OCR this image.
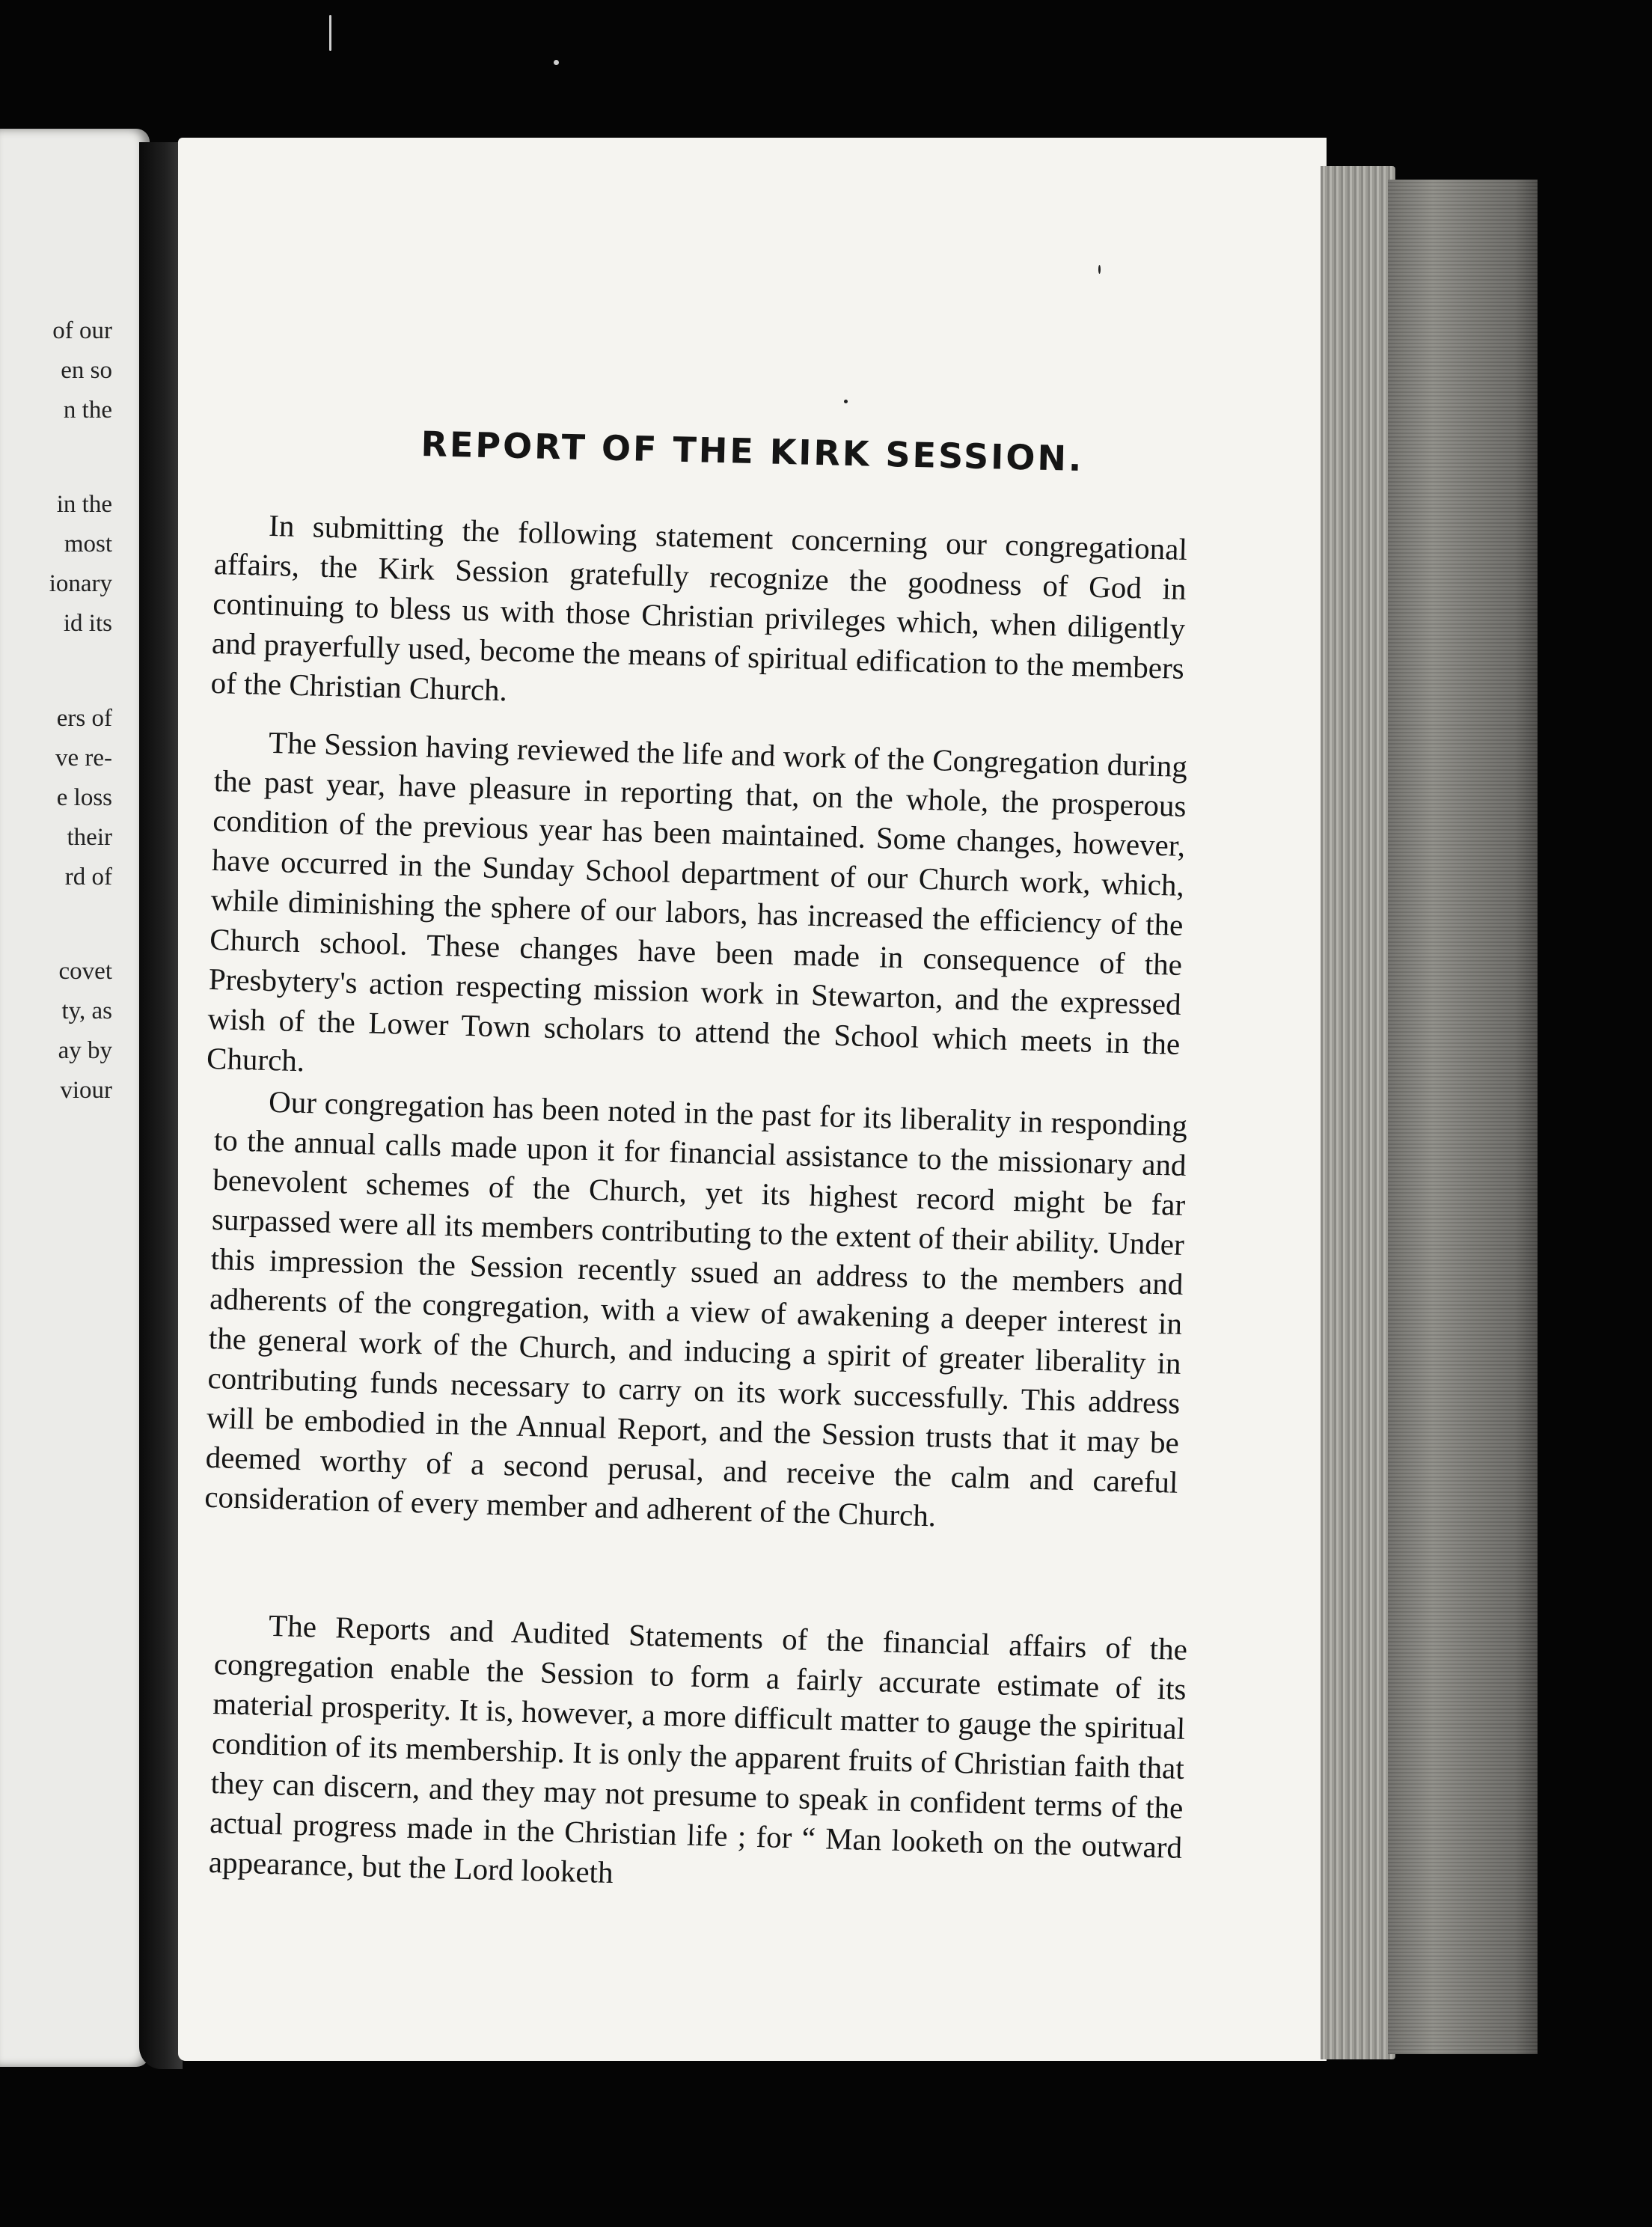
of our

en so

n the

in the

most

ionary

id its

ers of

ve re-

e loss

their

rd of

covet

ty, as

ay by

viour

REPORT OF THE KIRK SESSION.

In submitting the following statement concerning our congregational affairs, the Kirk Session gratefully recognize the goodness of God in continuing to bless us with those Christian privileges which, when diligently and prayerfully used, become the means of spiritual edification to the members of the Christian Church.

The Session having reviewed the life and work of the Congregation during the past year, have pleasure in reporting that, on the whole, the prosperous condition of the previous year has been maintained. Some changes, however, have occurred in the Sunday School department of our Church work, which, while diminishing the sphere of our labors, has increased the efficiency of the Church school. These changes have been made in consequence of the Presbytery's action respecting mission work in Stewarton, and the expressed wish of the Lower Town scholars to attend the School which meets in the Church.

Our congregation has been noted in the past for its liberality in responding to the annual calls made upon it for financial assistance to the missionary and benevolent schemes of the Church, yet its highest record might be far surpassed were all its members contributing to the extent of their ability. Under this impression the Session recently ssued an address to the members and adherents of the congregation, with a view of awakening a deeper interest in the general work of the Church, and inducing a spirit of greater liberality in contributing funds necessary to carry on its work successfully. This address will be embodied in the Annual Report, and the Session trusts that it may be deemed worthy of a second perusal, and receive the calm and careful consideration of every member and adherent of the Church.

The Reports and Audited Statements of the financial affairs of the congregation enable the Session to form a fairly accurate estimate of its material prosperity. It is, however, a more difficult matter to gauge the spiritual condition of its membership. It is only the apparent fruits of Christian faith that they can discern, and they may not presume to speak in confident terms of the actual progress made in the Christian life ; for “ Man looketh on the outward appearance, but the Lord looketh
